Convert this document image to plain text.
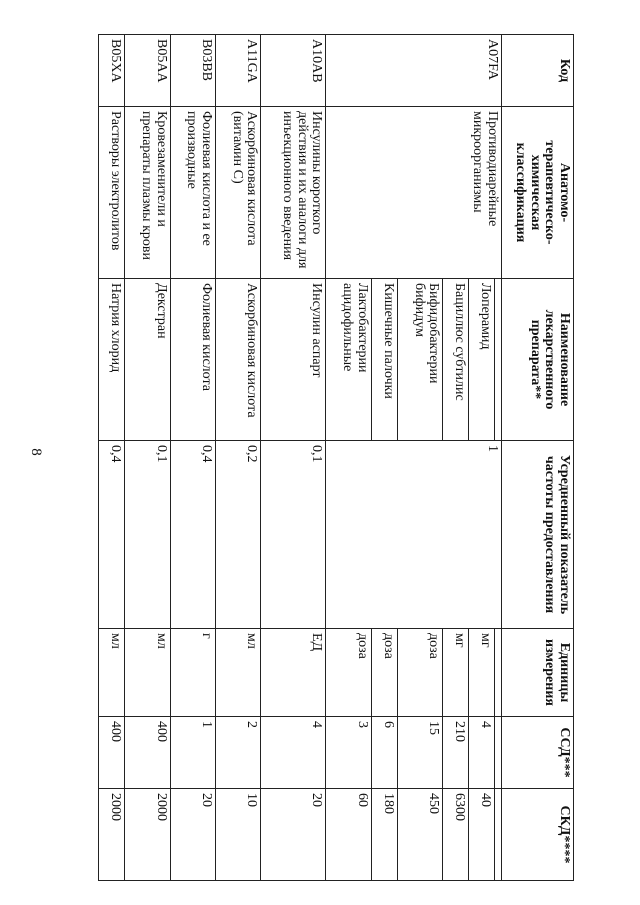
8
Код	Анатомо-терапевтическо-химическая классификация	Наименование лекарственного препарата**	Усредненный показатель частоты предоставления	Единицы измерения	ССД***	СКД****
A07FA	Противодиарейные микроорганизмы		1			
		Лоперамид		мг	4	40
		Бациллюс субтилис		мг	210	6300
		Бифидобактерии бифидум		доза	15	450
		Кишечные палочки		доза	6	180
		Лактобактерии ацидофильные		доза	3	60
A10AB	Инсулины короткого действия и их аналоги для инъекционного введения	Инсулин аспарт	0,1	ЕД	4	20
A11GA	Аскорбиновая кислота (витамин С)	Аскорбиновая кислота	0,2	мл	2	10
B03BB	Фолиевая кислота и ее производные	Фолиевая кислота	0,4	г	1	20
B05AA	Кровезаменители и препараты плазмы крови	Декстран	0,1	мл	400	2000
B05XA	Растворы электролитов	Натрия хлорид	0,4	мл	400	2000
